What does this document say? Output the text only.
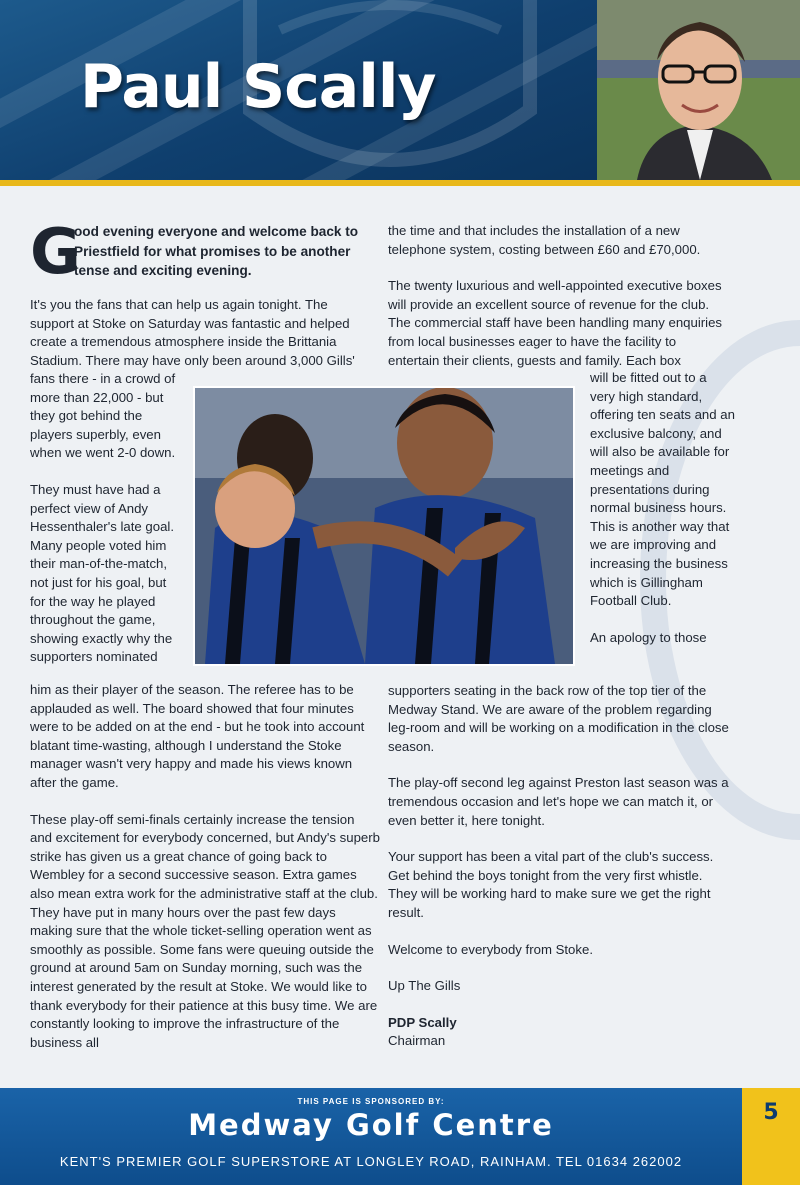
Paul Scally
G
ood evening everyone and welcome back to Priestfield for what promises to be another tense and exciting evening.

It's you the fans that can help us again tonight. The support at Stoke on Saturday was fantastic and helped create a tremendous atmosphere inside the Brittania Stadium. There may have only been around 3,000 Gills'

fans there - in a crowd of more than 22,000 - but they got behind the players superbly, even when we went 2-0 down.

They must have had a perfect view of Andy Hessenthaler's late goal. Many people voted him their man-of-the-match, not just for his goal, but for the way he played throughout the game, showing exactly why the supporters nominated

him as their player of the season. The referee has to be applauded as well. The board showed that four minutes were to be added on at the end - but he took into account blatant time-wasting, although I understand the Stoke manager wasn't very happy and made his views known after the game.

These play-off semi-finals certainly increase the tension and excitement for everybody concerned, but Andy's superb strike has given us a great chance of going back to Wembley for a second successive season. Extra games also mean extra work for the administrative staff at the club. They have put in many hours over the past few days making sure that the whole ticket-selling operation went as smoothly as possible. Some fans were queuing outside the ground at around 5am on Sunday morning, such was the interest generated by the result at Stoke. We would like to thank everybody for their patience at this busy time. We are constantly looking to improve the infrastructure of the business all

the time and that includes the installation of a new telephone system, costing between £60 and £70,000.

The twenty luxurious and well-appointed executive boxes will provide an excellent source of revenue for the club. The commercial staff have been handling many enquiries from local businesses eager to have the facility to entertain their clients, guests and family. Each box

will be fitted out to a very high standard, offering ten seats and an exclusive balcony, and will also be available for meetings and presentations during normal business hours. This is another way that we are improving and increasing the business which is Gillingham Football Club.

An apology to those

supporters seating in the back row of the top tier of the Medway Stand. We are aware of the problem regarding leg-room and will be working on a modification in the close season.

The play-off second leg against Preston last season was a tremendous occasion and let's hope we can match it, or even better it, here tonight.

Your support has been a vital part of the club's success. Get behind the boys tonight from the very first whistle. They will be working hard to make sure we get the right result.

Welcome to everybody from Stoke.

Up The Gills

PDP Scally
Chairman
THIS PAGE IS SPONSORED BY:
Medway Golf Centre
KENT'S PREMIER GOLF SUPERSTORE AT LONGLEY ROAD, RAINHAM. TEL 01634 262002
5
